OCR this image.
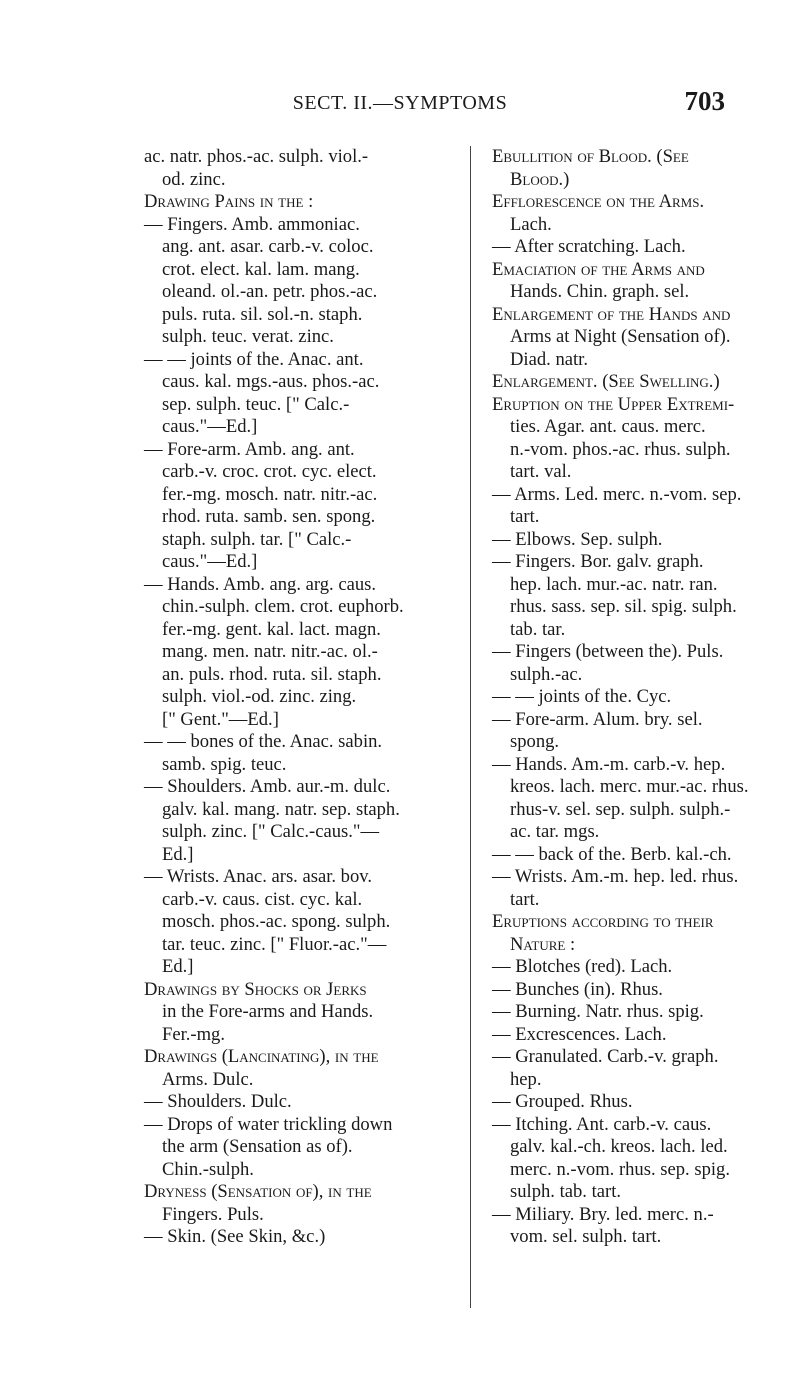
SECT. II.—SYMPTOMS	703
ac. natr. phos.-ac. sulph. viol.-
od. zinc.
Drawing Pains in the :
— Fingers. Amb. ammoniac.
ang. ant. asar. carb.-v. coloc.
crot. elect. kal. lam. mang.
oleand. ol.-an. petr. phos.-ac.
puls. ruta. sil. sol.-n. staph.
sulph. teuc. verat. zinc.
— — joints of the. Anac. ant.
caus. kal. mgs.-aus. phos.-ac.
sep. sulph. teuc. [" Calc.-
caus."—Ed.]
— Fore-arm. Amb. ang. ant.
carb.-v. croc. crot. cyc. elect.
fer.-mg. mosch. natr. nitr.-ac.
rhod. ruta. samb. sen. spong.
staph. sulph. tar. [" Calc.-
caus."—Ed.]
— Hands. Amb. ang. arg. caus.
chin.-sulph. clem. crot. euphorb.
fer.-mg. gent. kal. lact. magn.
mang. men. natr. nitr.-ac. ol.-
an. puls. rhod. ruta. sil. staph.
sulph. viol.-od. zinc. zing.
[" Gent."—Ed.]
— — bones of the. Anac. sabin.
samb. spig. teuc.
— Shoulders. Amb. aur.-m. dulc.
galv. kal. mang. natr. sep. staph.
sulph. zinc. [" Calc.-caus."—
Ed.]
— Wrists. Anac. ars. asar. bov.
carb.-v. caus. cist. cyc. kal.
mosch. phos.-ac. spong. sulph.
tar. teuc. zinc. [" Fluor.-ac."—
Ed.]
Drawings by Shocks or Jerks
in the Fore-arms and Hands.
Fer.-mg.
Drawings (Lancinating), in the
Arms. Dulc.
— Shoulders. Dulc.
— Drops of water trickling down
the arm (Sensation as of).
Chin.-sulph.
Dryness (Sensation of), in the
Fingers. Puls.
— Skin. (See Skin, &c.)
Ebullition of Blood. (See
Blood.)
Efflorescence on the Arms.
Lach.
— After scratching. Lach.
Emaciation of the Arms and
Hands. Chin. graph. sel.
Enlargement of the Hands and
Arms at Night (Sensation of).
Diad. natr.
Enlargement. (See Swelling.)
Eruption on the Upper Extremi-
ties. Agar. ant. caus. merc.
n.-vom. phos.-ac. rhus. sulph.
tart. val.
— Arms. Led. merc. n.-vom. sep.
tart.
— Elbows. Sep. sulph.
— Fingers. Bor. galv. graph.
hep. lach. mur.-ac. natr. ran.
rhus. sass. sep. sil. spig. sulph.
tab. tar.
— Fingers (between the). Puls.
sulph.-ac.
— — joints of the. Cyc.
— Fore-arm. Alum. bry. sel.
spong.
— Hands. Am.-m. carb.-v. hep.
kreos. lach. merc. mur.-ac. rhus.
rhus-v. sel. sep. sulph. sulph.-
ac. tar. mgs.
— — back of the. Berb. kal.-ch.
— Wrists. Am.-m. hep. led. rhus.
tart.
Eruptions according to their
Nature :
— Blotches (red). Lach.
— Bunches (in). Rhus.
— Burning. Natr. rhus. spig.
— Excrescences. Lach.
— Granulated. Carb.-v. graph.
hep.
— Grouped. Rhus.
— Itching. Ant. carb.-v. caus.
galv. kal.-ch. kreos. lach. led.
merc. n.-vom. rhus. sep. spig.
sulph. tab. tart.
— Miliary. Bry. led. merc. n.-
vom. sel. sulph. tart.
